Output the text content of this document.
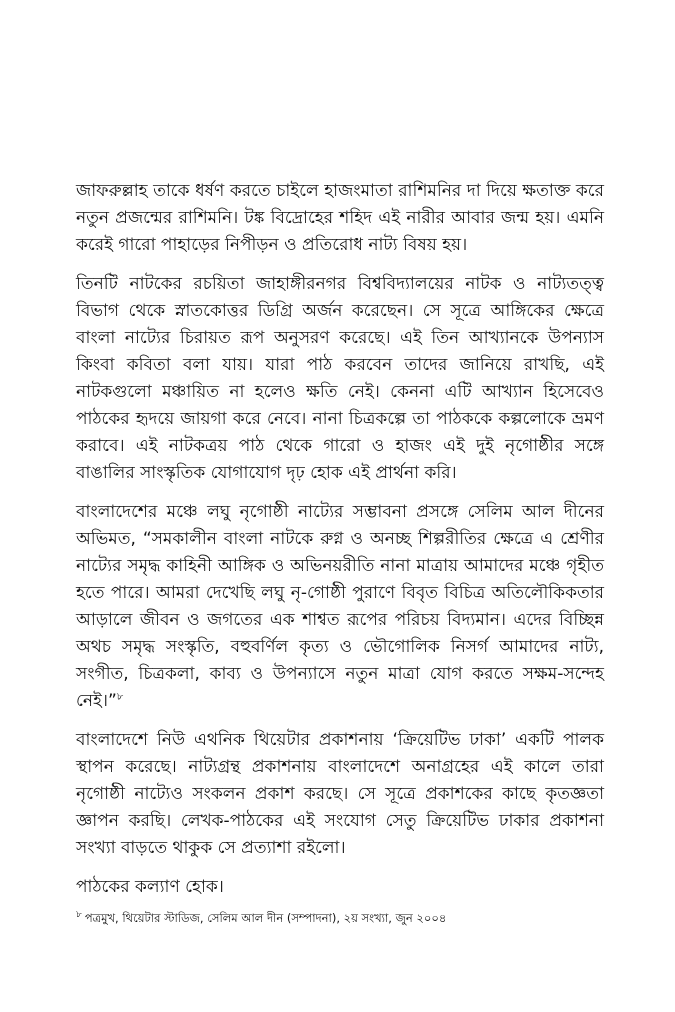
জাফরুল্লাহ তাকে ধর্ষণ করতে চাইলে হাজংমাতা রাশিমনির দা দিয়ে ক্ষতাক্ত করে নতুন প্রজন্মের রাশিমনি। টঙ্ক বিদ্রোহের শহিদ এই নারীর আবার জন্ম হয়। এমনি করেই গারো পাহাড়ের নিপীড়ন ও প্রতিরোধ নাট্য বিষয় হয়।

তিনটি নাটকের রচয়িতা জাহাঙ্গীরনগর বিশ্ববিদ্যালয়ের নাটক ও নাট্যতত্ত্ব বিভাগ থেকে স্নাতকোত্তর ডিগ্রি অর্জন করেছেন। সে সূত্রে আঙ্গিকের ক্ষেত্রে বাংলা নাট্যের চিরায়ত রূপ অনুসরণ করেছে। এই তিন আখ্যানকে উপন্যাস কিংবা কবিতা বলা যায়। যারা পাঠ করবেন তাদের জানিয়ে রাখছি, এই নাটকগুলো মঞ্চায়িত না হলেও ক্ষতি নেই। কেননা এটি আখ্যান হিসেবেও পাঠকের হৃদয়ে জায়গা করে নেবে। নানা চিত্রকল্পে তা পাঠককে কল্পলোকে ভ্রমণ করাবে। এই নাটকত্রয় পাঠ থেকে গারো ও হাজং এই দুই নৃগোষ্ঠীর সঙ্গে বাঙালির সাংস্কৃতিক যোগাযোগ দৃঢ় হোক এই প্রার্থনা করি।

বাংলাদেশের মঞ্চে লঘু নৃগোষ্ঠী নাট্যের সম্ভাবনা প্রসঙ্গে সেলিম আল দীনের অভিমত, “সমকালীন বাংলা নাটকে রুগ্ন ও অনচ্ছ শিল্পরীতির ক্ষেত্রে এ শ্রেণীর নাট্যের সমৃদ্ধ কাহিনী আঙ্গিক ও অভিনয়রীতি নানা মাত্রায় আমাদের মঞ্চে গৃহীত হতে পারে। আমরা দেখেছি লঘু নৃ-গোষ্ঠী পুরাণে বিবৃত বিচিত্র অতিলৌকিকতার আড়ালে জীবন ও জগতের এক শাশ্বত রূপের পরিচয় বিদ্যমান। এদের বিচ্ছিন্ন অথচ সমৃদ্ধ সংস্কৃতি, বহুবর্ণিল কৃত্য ও ভৌগোলিক নিসর্গ আমাদের নাট্য, সংগীত, চিত্রকলা, কাব্য ও উপন্যাসে নতুন মাত্রা যোগ করতে সক্ষম-সন্দেহ নেই।”$^৮$

বাংলাদেশে নিউ এথনিক থিয়েটার প্রকাশনায় ‘ক্রিয়েটিভ ঢাকা’ একটি পালক স্থাপন করেছে। নাট্যগ্রন্থ প্রকাশনায় বাংলাদেশে অনাগ্রহের এই কালে তারা নৃগোষ্ঠী নাট্যেও সংকলন প্রকাশ করছে। সে সূত্রে প্রকাশকের কাছে কৃতজ্ঞতা জ্ঞাপন করছি। লেখক-পাঠকের এই সংযোগ সেতু ক্রিয়েটিভ ঢাকার প্রকাশনা সংখ্যা বাড়তে থাকুক সে প্রত্যাশা রইলো।

পাঠকের কল্যাণ হোক।

$^৮$ পত্রমুখ, থিয়েটার স্টাডিজ, সেলিম আল দীন (সম্পাদনা), ২য় সংখ্যা, জুন ২০০৪
